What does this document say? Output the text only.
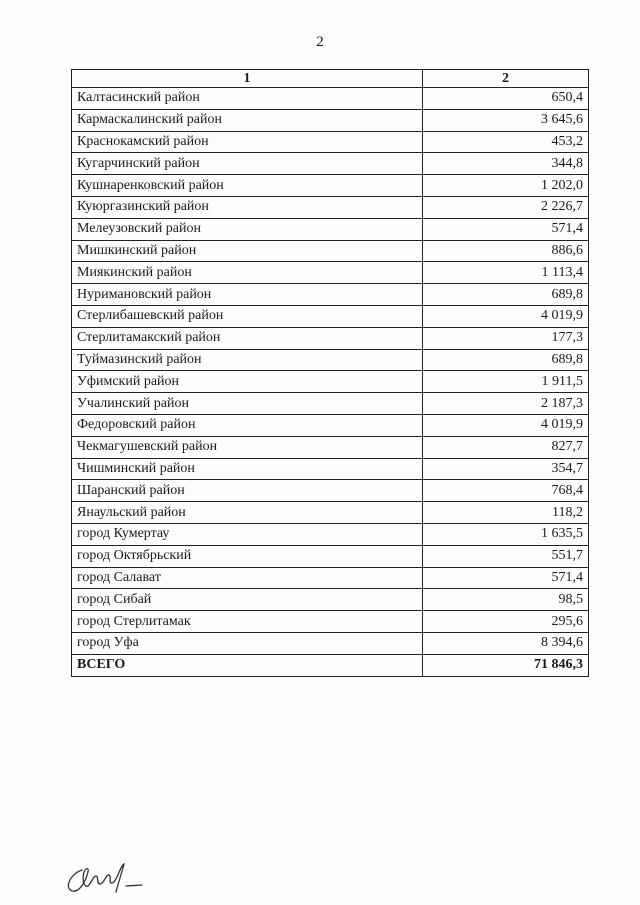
2
1	2
Калтасинский район	650,4
Кармаскалинский район	3 645,6
Краснокамский район	453,2
Кугарчинский район	344,8
Кушнаренковский район	1 202,0
Куюргазинский район	2 226,7
Мелеузовский район	571,4
Мишкинский район	886,6
Миякинский район	1 113,4
Нуримановский район	689,8
Стерлибашевский район	4 019,9
Стерлитамакский район	177,3
Туймазинский район	689,8
Уфимский район	1 911,5
Учалинский район	2 187,3
Федоровский район	4 019,9
Чекмагушевский район	827,7
Чишминский район	354,7
Шаранский район	768,4
Янаульский район	118,2
город Кумертау	1 635,5
город Октябрьский	551,7
город Салават	571,4
город Сибай	98,5
город Стерлитамак	295,6
город Уфа	8 394,6
ВСЕГО	71 846,3
